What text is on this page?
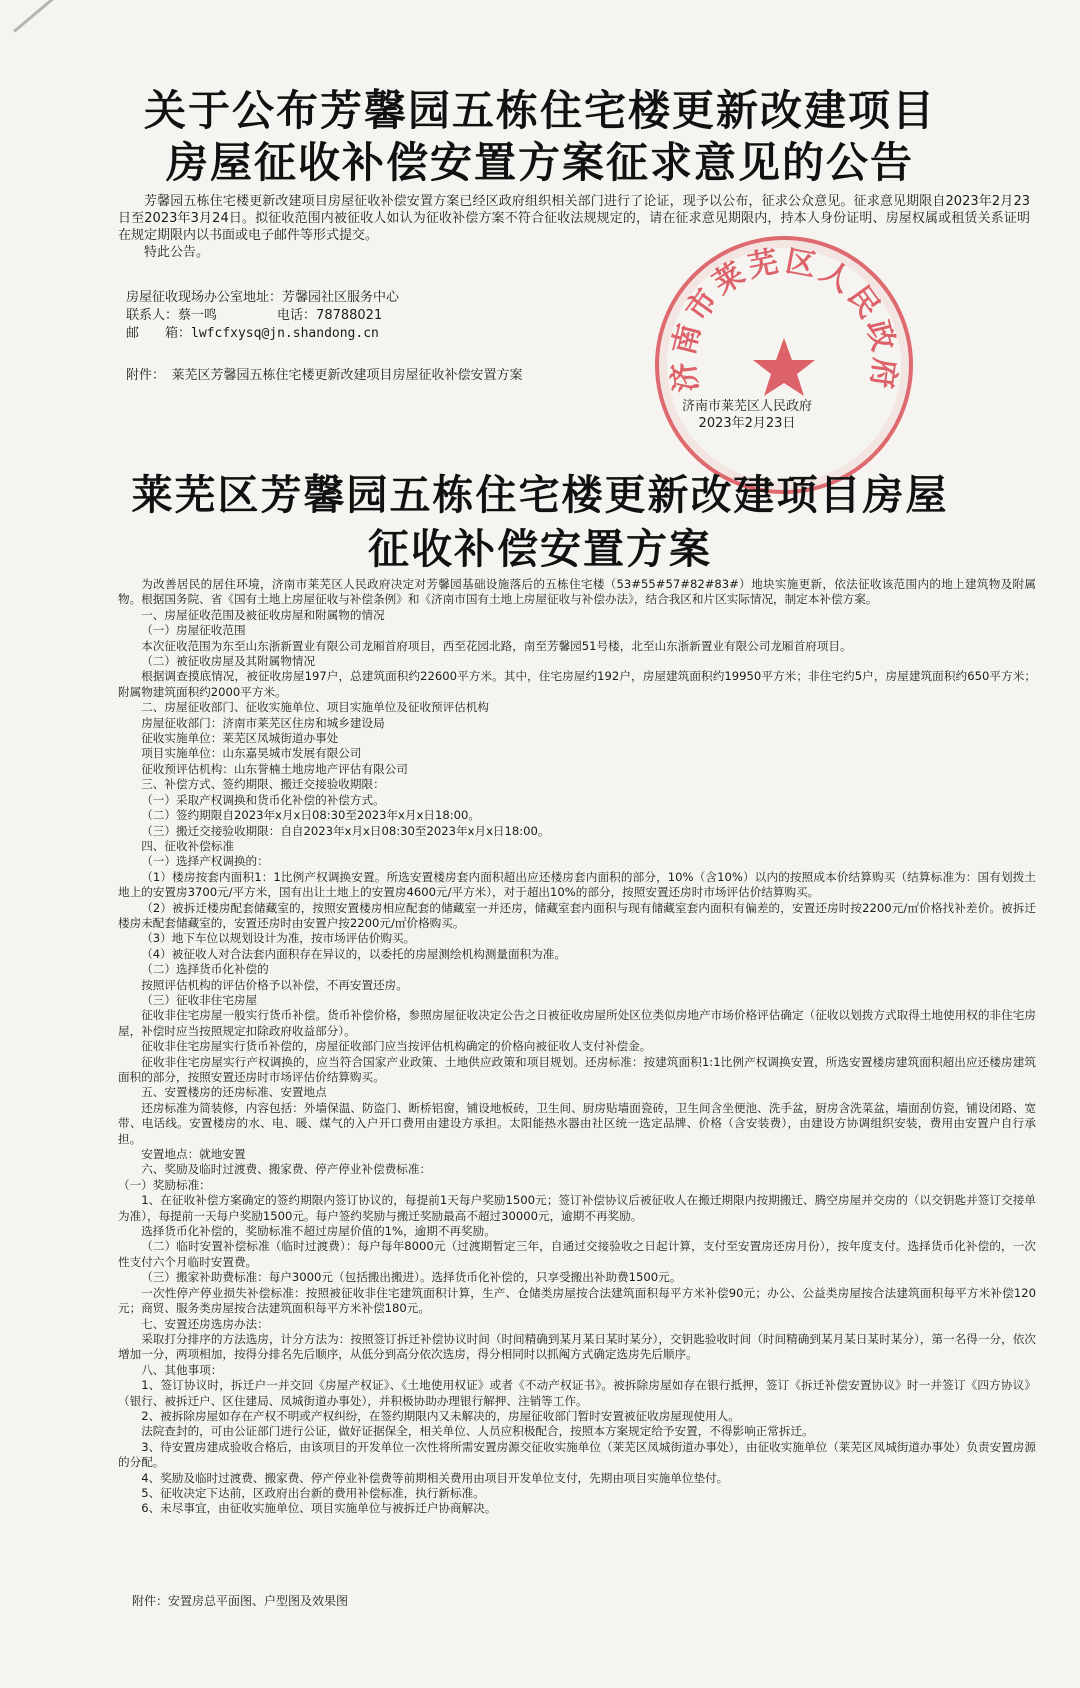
关于公布芳馨园五栋住宅楼更新改建项目
房屋征收补偿安置方案征求意见的公告

芳馨园五栋住宅楼更新改建项目房屋征收补偿安置方案已经区政府组织相关部门进行了论证，现予以公布，征求公众意见。征求意见期限自2023年2月23日至2023年3月24日。拟征收范围内被征收人如认为征收补偿方案不符合征收法规规定的，请在征求意见期限内，持本人身份证明、房屋权属或租赁关系证明在规定期限内以书面或电子邮件等形式提交。

特此公告。

房屋征收现场办公室地址：芳馨园社区服务中心
联系人：蔡一鸣	电话：78788021
邮　　箱：lwfcfxysq@jn.shandong.cn
附件：　莱芜区芳馨园五栋住宅楼更新改建项目房屋征收补偿安置方案	济南市莱芜区人民政府
济南市莱芜区人民政府
2023年2月23日
莱芜区芳馨园五栋住宅楼更新改建项目房屋
征收补偿安置方案

为改善居民的居住环境，济南市莱芜区人民政府决定对芳馨园基础设施落后的五栋住宅楼（53#55#57#82#83#）地块实施更新，依法征收该范围内的地上建筑物及附属物。根据国务院、省《国有土地上房屋征收与补偿条例》和《济南市国有土地上房屋征收与补偿办法》，结合我区和片区实际情况，制定本补偿方案。

一、房屋征收范围及被征收房屋和附属物的情况

（一）房屋征收范围

本次征收范围为东至山东浙新置业有限公司龙厢首府项目，西至花园北路，南至芳馨园51号楼，北至山东浙新置业有限公司龙厢首府项目。

（二）被征收房屋及其附属物情况

根据调查摸底情况，被征收房屋197户，总建筑面积约22600平方米。其中，住宅房屋约192户，房屋建筑面积约19950平方米；非住宅约5户，房屋建筑面积约650平方米；附属物建筑面积约2000平方米。

二、房屋征收部门、征收实施单位、项目实施单位及征收预评估机构

房屋征收部门：济南市莱芜区住房和城乡建设局

征收实施单位：莱芜区凤城街道办事处

项目实施单位：山东嘉昊城市发展有限公司

征收预评估机构：山东誉楠土地房地产评估有限公司

三、补偿方式、签约期限、搬迁交接验收期限：

（一）采取产权调换和货币化补偿的补偿方式。

（二）签约期限自2023年x月x日08:30至2023年x月x日18:00。

（三）搬迁交接验收期限：自自2023年x月x日08:30至2023年x月x日18:00。

四、征收补偿标准

（一）选择产权调换的：

（1）楼房按套内面积1：1比例产权调换安置。所选安置楼房套内面积超出应还楼房套内面积的部分，10%（含10%）以内的按照成本价结算购买（结算标准为：国有划拨土地上的安置房3700元/平方米，国有出让土地上的安置房4600元/平方米），对于超出10%的部分，按照安置还房时市场评估价结算购买。

（2）被拆迁楼房配套储藏室的，按照安置楼房相应配套的储藏室一并还房，储藏室套内面积与现有储藏室套内面积有偏差的，安置还房时按2200元/㎡价格找补差价。被拆迁楼房未配套储藏室的，安置还房时由安置户按2200元/㎡价格购买。

（3）地下车位以规划设计为准，按市场评估价购买。

（4）被征收人对合法套内面积存在异议的，以委托的房屋测绘机构测量面积为准。

（二）选择货币化补偿的

按照评估机构的评估价格予以补偿，不再安置还房。

（三）征收非住宅房屋

征收非住宅房屋一般实行货币补偿。货币补偿价格，参照房屋征收决定公告之日被征收房屋所处区位类似房地产市场价格评估确定（征收以划拨方式取得土地使用权的非住宅房屋，补偿时应当按照规定扣除政府收益部分）。

征收非住宅房屋实行货币补偿的，房屋征收部门应当按评估机构确定的价格向被征收人支付补偿金。

征收非住宅房屋实行产权调换的，应当符合国家产业政策、土地供应政策和项目规划。还房标准：按建筑面积1:1比例产权调换安置，所选安置楼房建筑面积超出应还楼房建筑面积的部分，按照安置还房时市场评估价结算购买。

五、安置楼房的还房标准、安置地点

还房标准为简装修，内容包括：外墙保温、防盗门、断桥铝窗，铺设地板砖，卫生间、厨房贴墙面瓷砖，卫生间含坐便池、洗手盆，厨房含洗菜盆，墙面刮仿瓷，铺设闭路、宽带、电话线。安置楼房的水、电、暖、煤气的入户开口费用由建设方承担。太阳能热水器由社区统一选定品牌、价格（含安装费），由建设方协调组织安装，费用由安置户自行承担。

安置地点：就地安置

六、奖励及临时过渡费、搬家费、停产停业补偿费标准：

（一）奖励标准：

1、在征收补偿方案确定的签约期限内签订协议的，每提前1天每户奖励1500元；签订补偿协议后被征收人在搬迁期限内按期搬迁、腾空房屋并交房的（以交钥匙并签订交接单为准），每提前一天每户奖励1500元。每户签约奖励与搬迁奖励最高不超过30000元，逾期不再奖励。

选择货币化补偿的，奖励标准不超过房屋价值的1%，逾期不再奖励。

（二）临时安置补偿标准（临时过渡费）：每户每年8000元（过渡期暂定三年，自通过交接验收之日起计算，支付至安置房还房月份），按年度支付。选择货币化补偿的，一次性支付六个月临时安置费。

（三）搬家补助费标准：每户3000元（包括搬出搬进）。选择货币化补偿的，只享受搬出补助费1500元。

一次性停产停业损失补偿标准：按照被征收非住宅建筑面积计算，生产、仓储类房屋按合法建筑面积每平方米补偿90元；办公、公益类房屋按合法建筑面积每平方米补偿120元；商贸、服务类房屋按合法建筑面积每平方米补偿180元。

七、安置还房选房办法：

采取打分排序的方法选房，计分方法为：按照签订拆迁补偿协议时间（时间精确到某月某日某时某分），交钥匙验收时间（时间精确到某月某日某时某分），第一名得一分，依次增加一分，两项相加，按得分排名先后顺序，从低分到高分依次选房，得分相同时以抓阄方式确定选房先后顺序。

八、其他事项：

1、签订协议时，拆迁户一并交回《房屋产权证》、《土地使用权证》或者《不动产权证书》。被拆除房屋如存在银行抵押，签订《拆迁补偿安置协议》时一并签订《四方协议》（银行、被拆迁户、区住建局、凤城街道办事处），并积极协助办理银行解押、注销等工作。

2、被拆除房屋如存在产权不明或产权纠纷，在签约期限内又未解决的，房屋征收部门暂时安置被征收房屋现使用人。

法院查封的，可由公证部门进行公证，做好证据保全，相关单位、人员应积极配合，按照本方案规定给予安置，不得影响正常拆迁。

3、待安置房建成验收合格后，由该项目的开发单位一次性将所需安置房源交征收实施单位（莱芜区凤城街道办事处），由征收实施单位（莱芜区凤城街道办事处）负责安置房源的分配。

4、奖励及临时过渡费、搬家费、停产停业补偿费等前期相关费用由项目开发单位支付，先期由项目实施单位垫付。

5、征收决定下达前，区政府出台新的费用补偿标准，执行新标准。

6、未尽事宜，由征收实施单位、项目实施单位与被拆迁户协商解决。

附件：安置房总平面图、户型图及效果图
